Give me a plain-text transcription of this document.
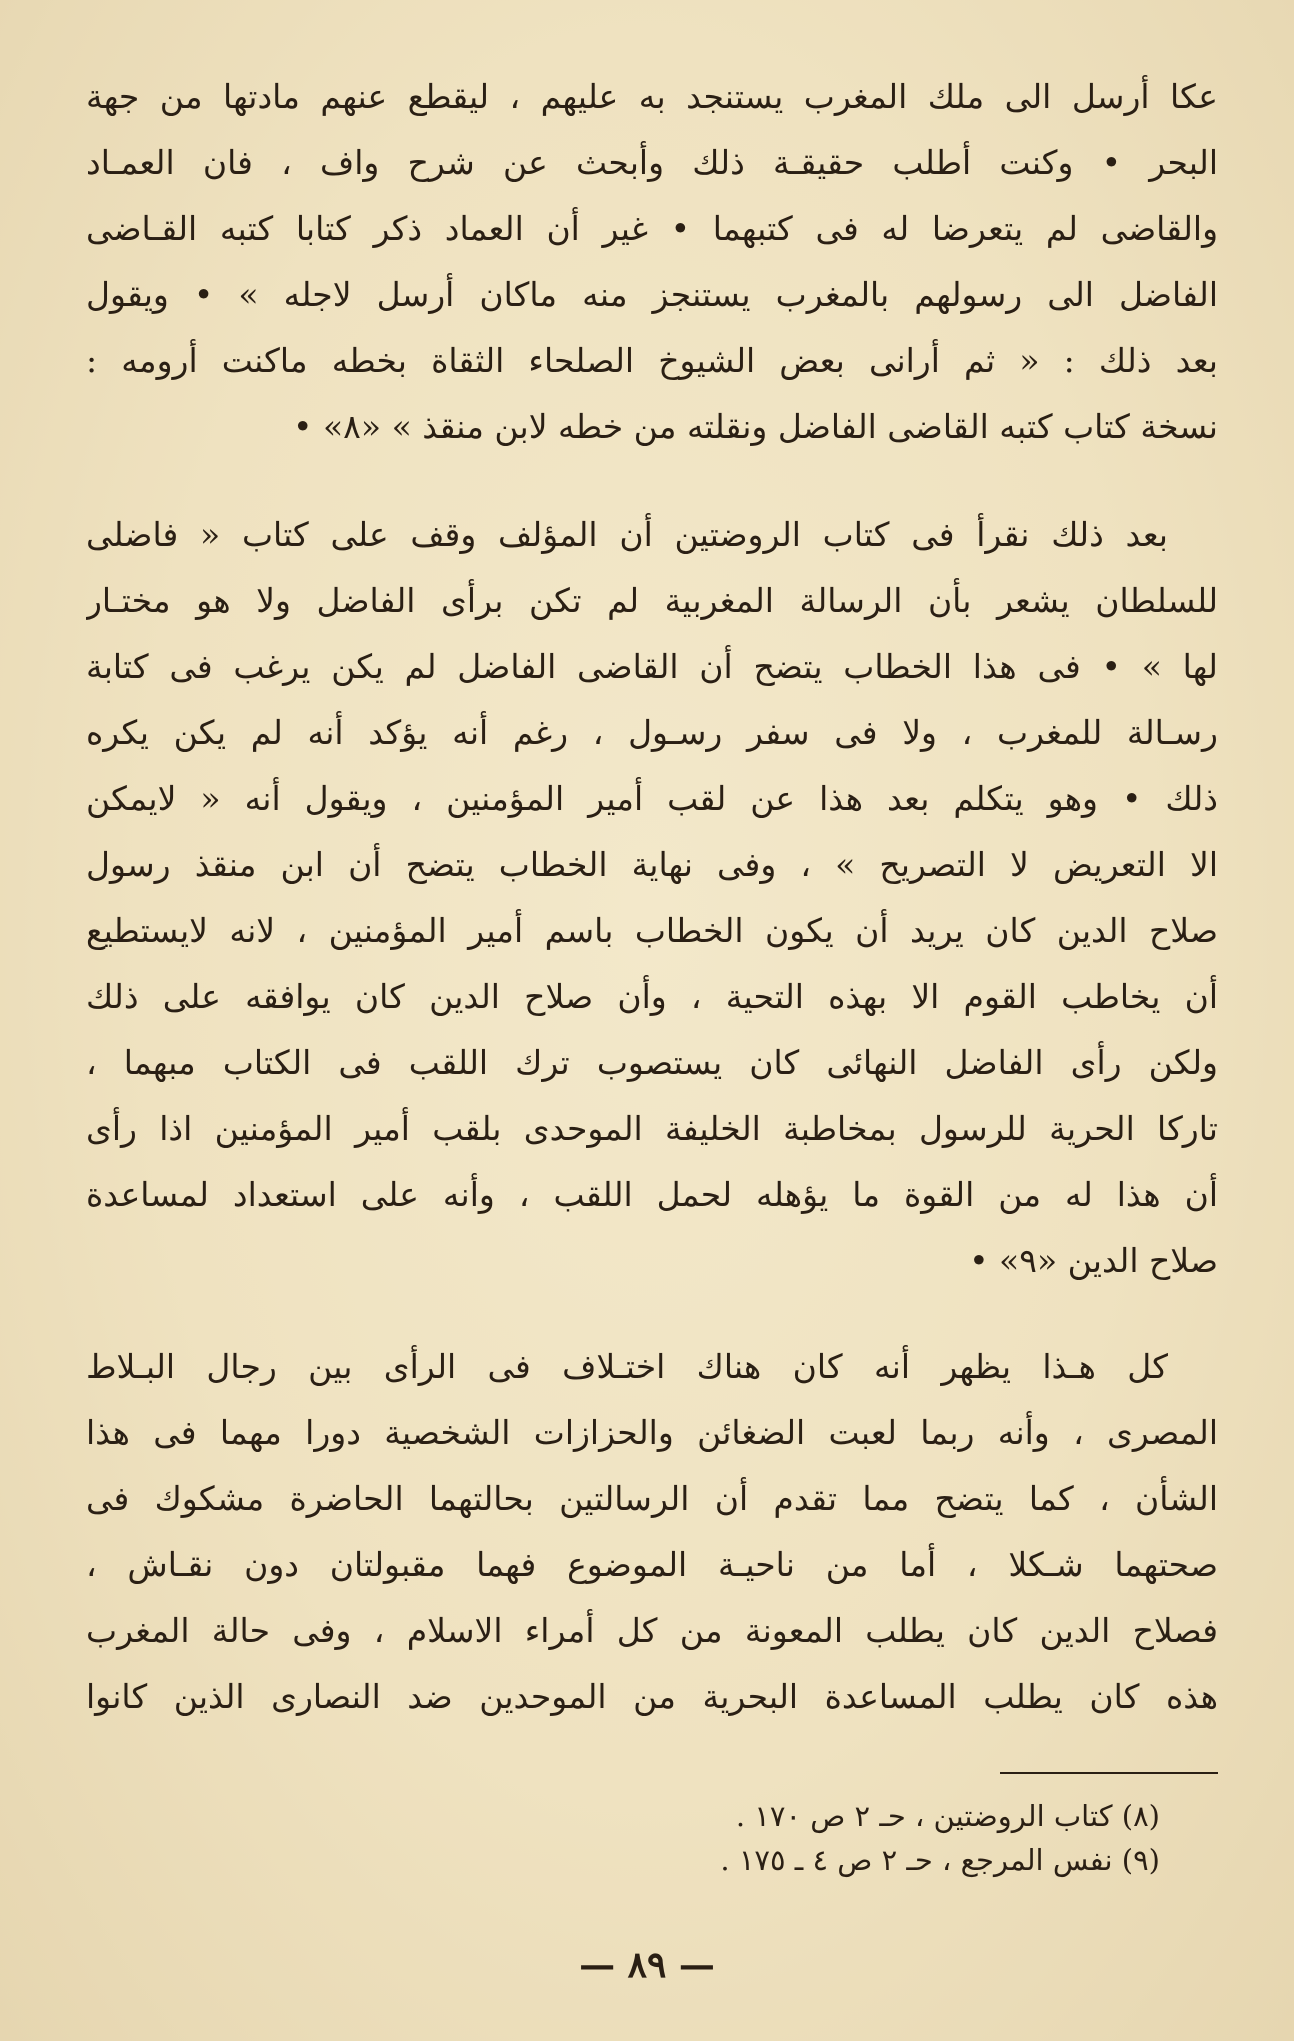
عكا أرسل الى ملك المغرب يستنجد به عليهم ، ليقطع عنهم مادتها من جهة
البحر • وكنت أطلب حقيقـة ذلك وأبحث عن شرح واف ، فان العمـاد
والقاضى لم يتعرضا له فى كتبهما • غير أن العماد ذكر كتابا كتبه القـاضى
الفاضل الى رسولهم بالمغرب يستنجز منه ماكان أرسل لاجله » • ويقول
بعد ذلك : « ثم أرانى بعض الشيوخ الصلحاء الثقاة بخطه ماكنت أرومه :
نسخة كتاب كتبه القاضى الفاضل ونقلته من خطه لابن منقذ » «٨» •
بعد ذلك نقرأ فى كتاب الروضتين أن المؤلف وقف على كتاب « فاضلى
للسلطان يشعر بأن الرسالة المغربية لم تكن برأى الفاضل ولا هو مختـار
لها » • فى هذا الخطاب يتضح أن القاضى الفاضل لم يكن يرغب فى كتابة
رسـالة للمغرب ، ولا فى سفر رسـول ، رغم أنه يؤكد أنه لم يكن يكره
ذلك • وهو يتكلم بعد هذا عن لقب أمير المؤمنين ، ويقول أنه « لايمكن
الا التعريض لا التصريح » ، وفى نهاية الخطاب يتضح أن ابن منقذ رسول
صلاح الدين كان يريد أن يكون الخطاب باسم أمير المؤمنين ، لانه لايستطيع
أن يخاطب القوم الا بهذه التحية ، وأن صلاح الدين كان يوافقه على ذلك
ولكن رأى الفاضل النهائى كان يستصوب ترك اللقب فى الكتاب مبهما ،
تاركا الحرية للرسول بمخاطبة الخليفة الموحدى بلقب أمير المؤمنين اذا رأى
أن هذا له من القوة ما يؤهله لحمل اللقب ، وأنه على استعداد لمساعدة
صلاح الدين «٩» •
كل هـذا يظهر أنه كان هناك اختـلاف فى الرأى بين رجال البـلاط
المصرى ، وأنه ربما لعبت الضغائن والحزازات الشخصية دورا مهما فى هذا
الشأن ، كما يتضح مما تقدم أن الرسالتين بحالتهما الحاضرة مشكوك فى
صحتهما شـكلا ، أما من ناحيـة الموضوع فهما مقبولتان دون نقـاش ،
فصلاح الدين كان يطلب المعونة من كل أمراء الاسلام ، وفى حالة المغرب
هذه كان يطلب المساعدة البحرية من الموحدين ضد النصارى الذين كانوا
(٨) كتاب الروضتين ، حـ ٢ ص ١٧٠ .
(٩) نفس المرجع ، حـ ٢ ص ٤ ـ ١٧٥ .
— ٨٩ —
